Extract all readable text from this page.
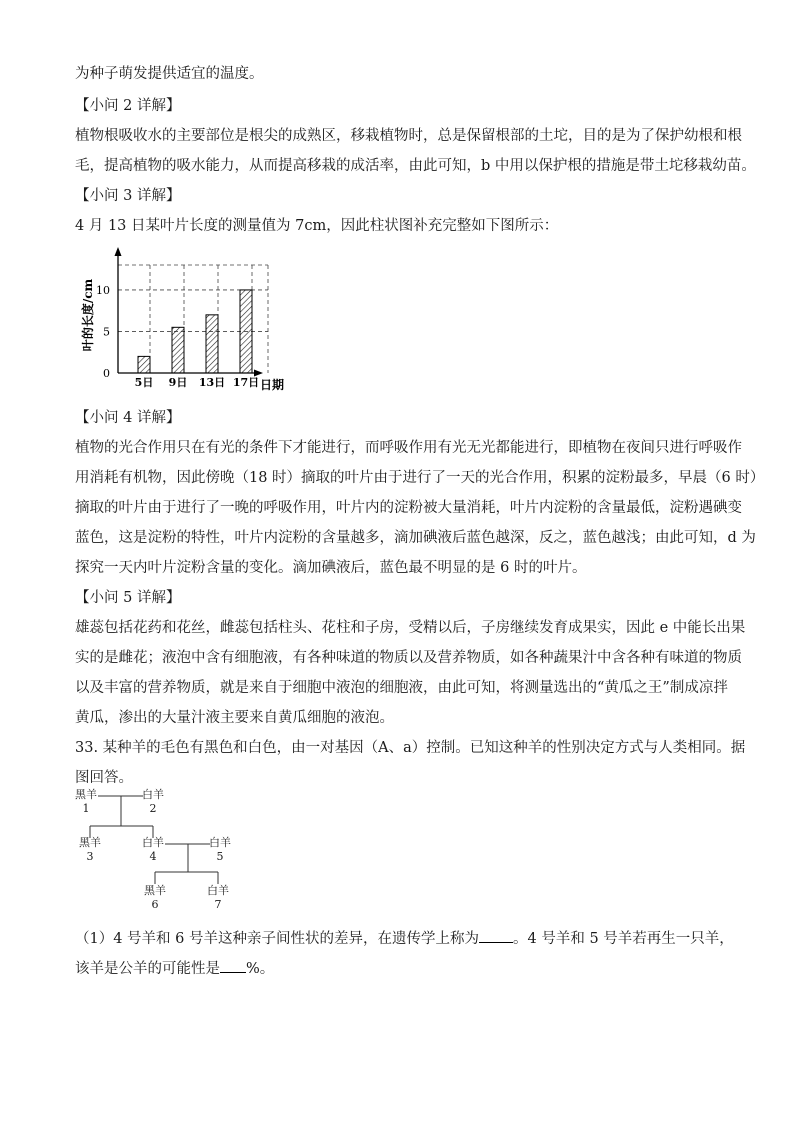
为种子萌发提供适宜的温度。
【小问 2 详解】
植物根吸收水的主要部位是根尖的成熟区，移栽植物时，总是保留根部的土坨，目的是为了保护幼根和根
毛，提高植物的吸水能力，从而提高移栽的成活率，由此可知，b 中用以保护根的措施是带土坨移栽幼苗。
【小问 3 详解】
4 月 13 日某叶片长度的测量值为 7cm，因此柱状图补充完整如下图所示：
0
5
10
5日 9日 13日 17日
叶的长度/cm
日期
【小问 4 详解】
植物的光合作用只在有光的条件下才能进行，而呼吸作用有光无光都能进行，即植物在夜间只进行呼吸作
用消耗有机物，因此傍晚（18 时）摘取的叶片由于进行了一天的光合作用，积累的淀粉最多，早晨（6 时）
摘取的叶片由于进行了一晚的呼吸作用，叶片内的淀粉被大量消耗，叶片内淀粉的含量最低，淀粉遇碘变
蓝色，这是淀粉的特性，叶片内淀粉的含量越多，滴加碘液后蓝色越深，反之，蓝色越浅；由此可知，d 为
探究一天内叶片淀粉含量的变化。滴加碘液后，蓝色最不明显的是 6 时的叶片。
【小问 5 详解】
雄蕊包括花药和花丝，雌蕊包括柱头、花柱和子房，受精以后，子房继续发育成果实，因此 e 中能长出果
实的是雌花；液泡中含有细胞液，有各种味道的物质以及营养物质，如各种蔬果汁中含各种有味道的物质
以及丰富的营养物质，就是来自于细胞中液泡的细胞液，由此可知，将测量选出的“黄瓜之王”制成凉拌
黄瓜，渗出的大量汁液主要来自黄瓜细胞的液泡。
33. 某种羊的毛色有黑色和白色，由一对基因（A、a）控制。已知这种羊的性别决定方式与人类相同。据
图回答。
黑羊
1
白羊
2
黑羊
3
白羊
4
白羊
5
黑羊
6
白羊
7
（1）4 号羊和 6 号羊这种亲子间性状的差异，在遗传学上称为 。4 号羊和 5 号羊若再生一只羊，
该羊是公羊的可能性是 %。
